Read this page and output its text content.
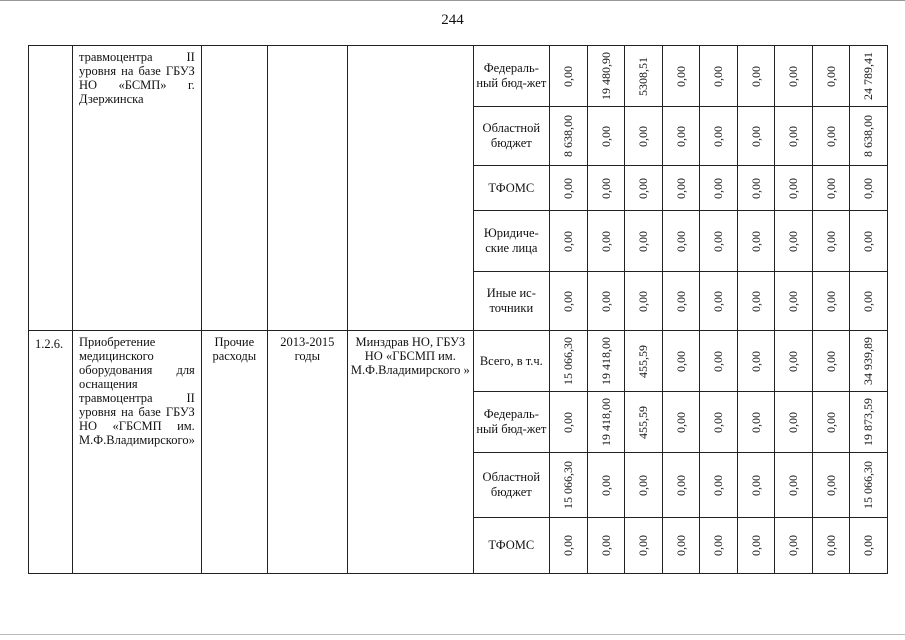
244
	травмоцентра II уровня на базе ГБУЗ НО «БСМП» г. Дзержинска				Федераль-ный бюд-жет	0,00	19 480,90	5308,51	0,00	0,00	0,00	0,00	0,00	24 789,41

					Областной бюджет	8 638,00	0,00	0,00	0,00	0,00	0,00	0,00	0,00	8 638,00

					ТФОМС	0,00	0,00	0,00	0,00	0,00	0,00	0,00	0,00	0,00

					Юридиче-ские лица	0,00	0,00	0,00	0,00	0,00	0,00	0,00	0,00	0,00

					Иные ис-точники	0,00	0,00	0,00	0,00	0,00	0,00	0,00	0,00	0,00

1.2.6.	Приобретение медицинского оборудования для оснащения травмоцентра II уровня на базе ГБУЗ НО «ГБСМП им. М.Ф.Владимирского»	Прочие расходы	2013-2015 годы	Минздрав НО, ГБУЗ НО «ГБСМП им. М.Ф.Владимирского »	Всего, в т.ч.	15 066,30	19 418,00	455,59	0,00	0,00	0,00	0,00	0,00	34 939,89

					Федераль-ный бюд-жет	0,00	19 418,00	455,59	0,00	0,00	0,00	0,00	0,00	19 873,59

					Областной бюджет	15 066,30	0,00	0,00	0,00	0,00	0,00	0,00	0,00	15 066,30

					ТФОМС	0,00	0,00	0,00	0,00	0,00	0,00	0,00	0,00	0,00
